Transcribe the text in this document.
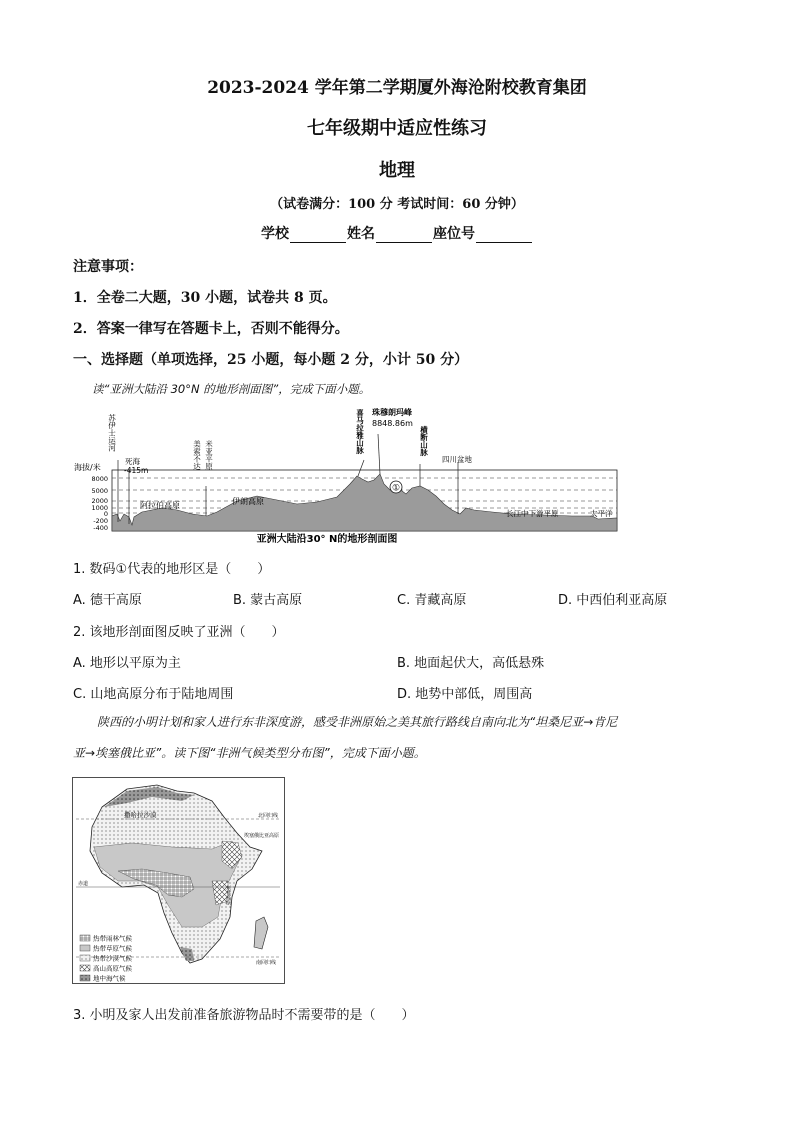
2023-2024 学年第二学期厦外海沧附校教育集团
七年级期中适应性练习
地理
（试卷满分：100 分 考试时间：60 分钟）
学校	姓名	座位号
注意事项：
1．全卷二大题，30 小题，试卷共 8 页。
2．答案一律写在答题卡上，否则不能得分。
一、选择题（单项选择，25 小题，每小题 2 分，小计 50 分）
读“亚洲大陆沿 30°N 的地形剖面图”，完成下面小题。
①
海拔/米
8000
5000
2000
1000
0
-200
-400
苏伊士运河
死海
-415m
美索不达 米亚平原
阿拉伯高原	伊朗高原
喜马拉雅山脉 珠穆朗玛峰
8848.86m
横断山脉
四川盆地
长江中下游平原	太平洋
亚洲大陆沿30° N的地形剖面图
1. 数码①代表的地形区是（　　）
A. 德干高原	B. 蒙古高原	C. 青藏高原	D. 中西伯利亚高原
2. 该地形剖面图反映了亚洲（　　）
A. 地形以平原为主	B. 地面起伏大，高低悬殊
C. 山地高原分布于陆地周围	D. 地势中部低，周围高
陕西的小明计划和家人进行东非深度游，感受非洲原始之美其旅行路线自南向北为“坦桑尼亚→肯尼
亚→埃塞俄比亚”。读下图“非洲气候类型分布图”，完成下面小题。
撒哈拉沙漠	北回归线
埃塞俄比亚高原
赤道
东非高原
南回归线
热带雨林气候
热带草原气候
热带沙漠气候
高山高原气候
地中海气候
3. 小明及家人出发前准备旅游物品时不需要带的是（　　）
